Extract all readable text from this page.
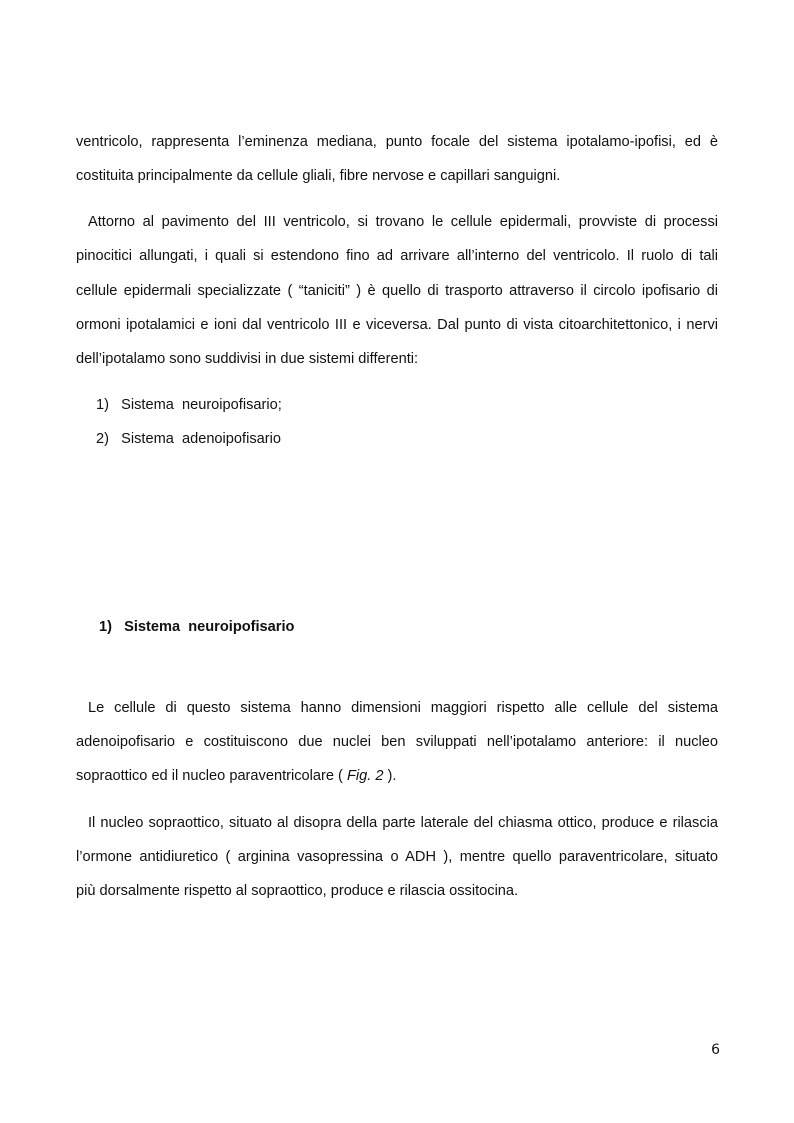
ventricolo, rappresenta l’eminenza mediana, punto focale del sistema ipotalamo-ipofisi, ed è
costituita principalmente da cellule gliali, fibre nervose e capillari sanguigni.
Attorno al pavimento del III ventricolo, si trovano le cellule epidermali, provviste di processi
pinocitici allungati, i quali si estendono fino ad arrivare all’interno del ventricolo. Il ruolo di tali
cellule epidermali specializzate ( “taniciti” ) è quello di trasporto attraverso il circolo ipofisario di
ormoni ipotalamici e ioni dal ventricolo III e viceversa. Dal punto di vista citoarchitettonico, i nervi
dell’ipotalamo sono suddivisi in due sistemi differenti:
1)   Sistema  neuroipofisario;
2)   Sistema  adenoipofisario
1)   Sistema  neuroipofisario
Le cellule di questo sistema hanno dimensioni maggiori rispetto alle cellule del sistema
adenoipofisario e costituiscono due nuclei ben sviluppati nell’ipotalamo anteriore: il nucleo
sopraottico ed il nucleo paraventricolare ( Fig. 2 ).
Il nucleo sopraottico, situato al disopra della parte laterale del chiasma ottico, produce e rilascia
l’ormone antidiuretico ( arginina vasopressina o ADH ), mentre quello paraventricolare, situato
più dorsalmente rispetto al sopraottico, produce e rilascia ossitocina.
6
